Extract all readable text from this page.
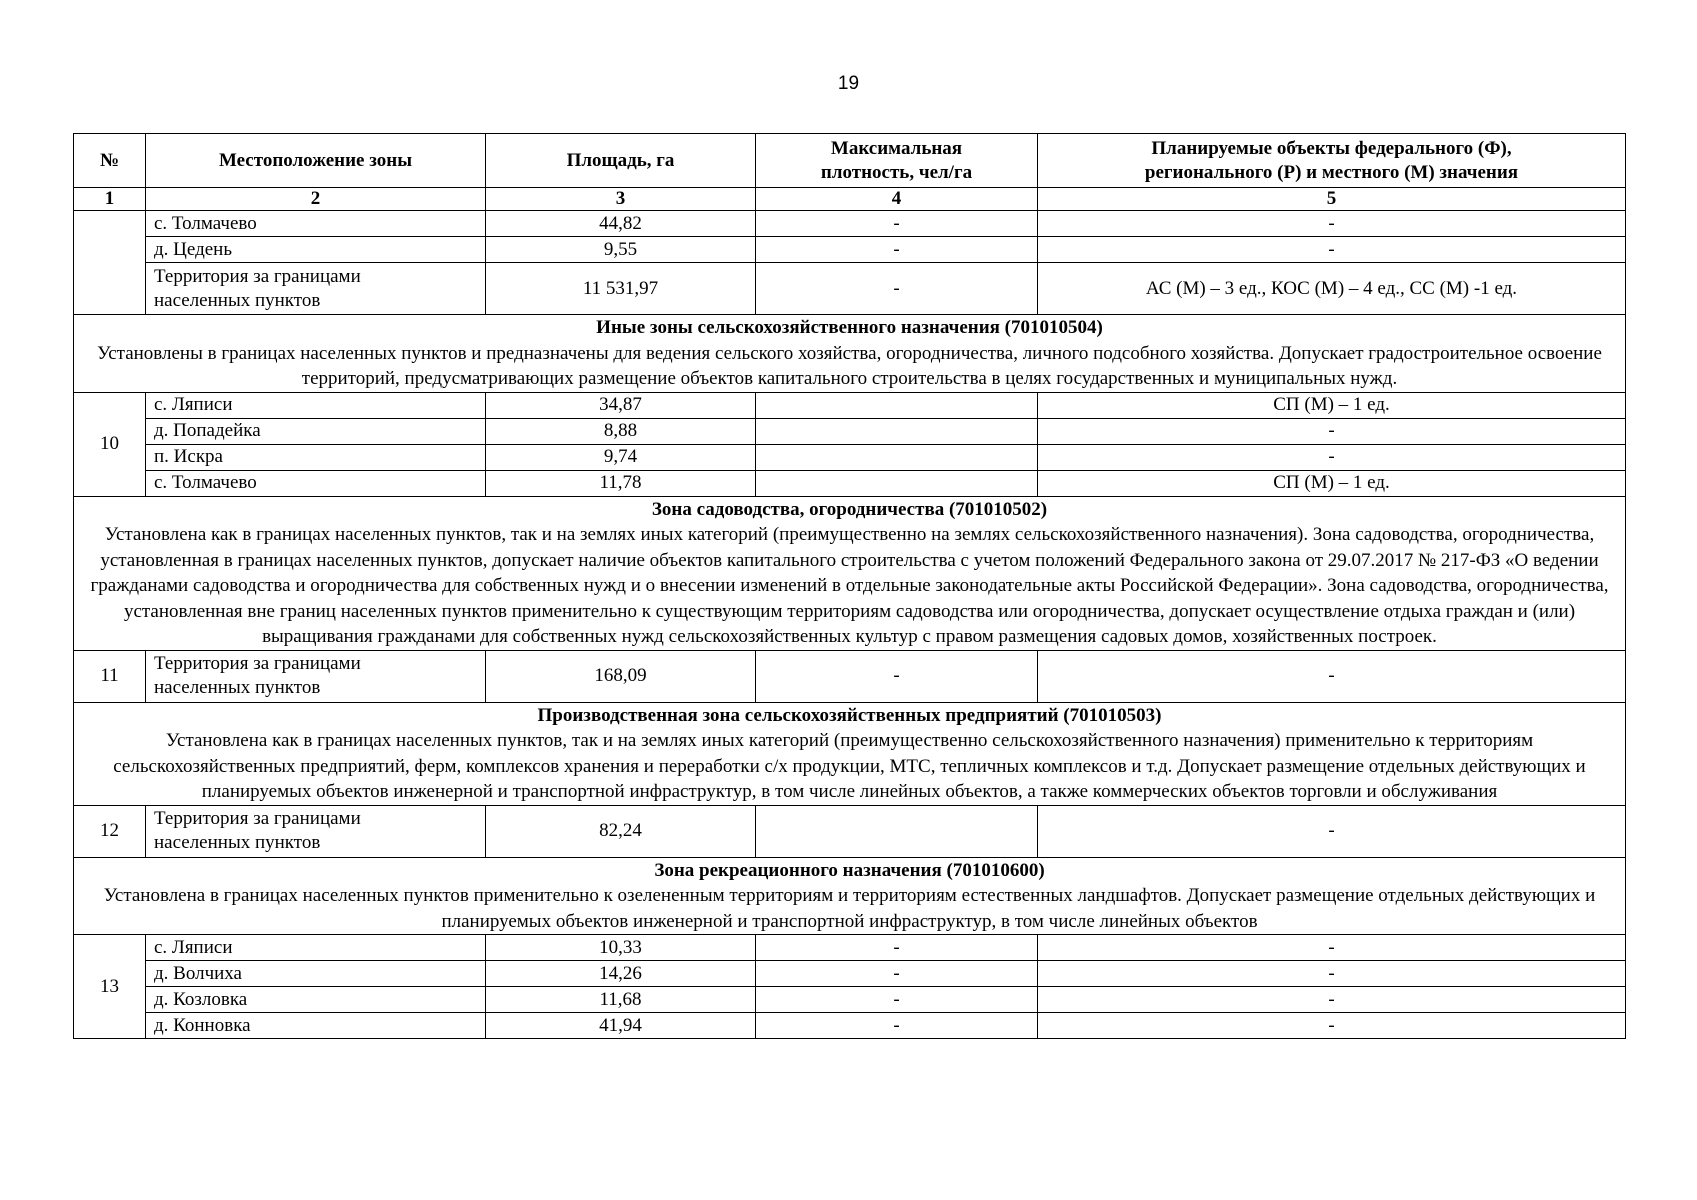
19
№	Местоположение зоны	Площадь, га	Максимальная плотность, чел/га	Планируемые объекты федерального (Ф), регионального (Р) и местного (М) значения
1	2	3	4	5
	с. Толмачево	44,82	-	-
	д. Цедень	9,55	-	-
	Территория за границами населенных пунктов	11 531,97	-	АС (М) – 3 ед., КОС (М) – 4 ед., СС (М) -1 ед.

Иные зоны сельскохозяйственного назначения (701010504)
Установлены в границах населенных пунктов и предназначены для ведения сельского хозяйства, огородничества, личного подсобного хозяйства. Допускает градостроительное освоение территорий, предусматривающих размещение объектов капитального строительства в целях государственных и муниципальных нужд.				

10	с. Ляписи	34,87		СП (М) – 1 ед.
	д. Попадейка	8,88		-
	п. Искра	9,74		-
	с. Толмачево	11,78		СП (М) – 1 ед.

Зона садоводства, огородничества (701010502)
Установлена как в границах населенных пунктов, так и на землях иных категорий (преимущественно на землях сельскохозяйственного назначения). Зона садоводства, огородничества, установленная в границах населенных пунктов, допускает наличие объектов капитального строительства с учетом положений Федерального закона от 29.07.2017 № 217-ФЗ «О ведении гражданами садоводства и огородничества для собственных нужд и о внесении изменений в отдельные законодательные акты Российской Федерации». Зона садоводства, огородничества, установленная вне границ населенных пунктов применительно к существующим территориям садоводства или огородничества, допускает осуществление отдыха граждан и (или) выращивания гражданами для собственных нужд сельскохозяйственных культур с правом размещения садовых домов, хозяйственных построек.				

11	Территория за границами населенных пунктов	168,09	-	-

Производственная зона сельскохозяйственных предприятий (701010503)
Установлена как в границах населенных пунктов, так и на землях иных категорий (преимущественно сельскохозяйственного назначения) применительно к территориям сельскохозяйственных предприятий, ферм, комплексов хранения и переработки с/х продукции, МТС, тепличных комплексов и т.д. Допускает размещение отдельных действующих и планируемых объектов инженерной и транспортной инфраструктур, в том числе линейных объектов, а также коммерческих объектов торговли и обслуживания				

12	Территория за границами населенных пунктов	82,24		-

Зона рекреационного назначения (701010600)
Установлена в границах населенных пунктов применительно к озелененным территориям и территориям естественных ландшафтов. Допускает размещение отдельных действующих и планируемых объектов инженерной и транспортной инфраструктур, в том числе линейных объектов				

13	с. Ляписи	10,33	-	-
	д. Волчиха	14,26	-	-
	д. Козловка	11,68	-	-
	д. Конновка	41,94	-	-
